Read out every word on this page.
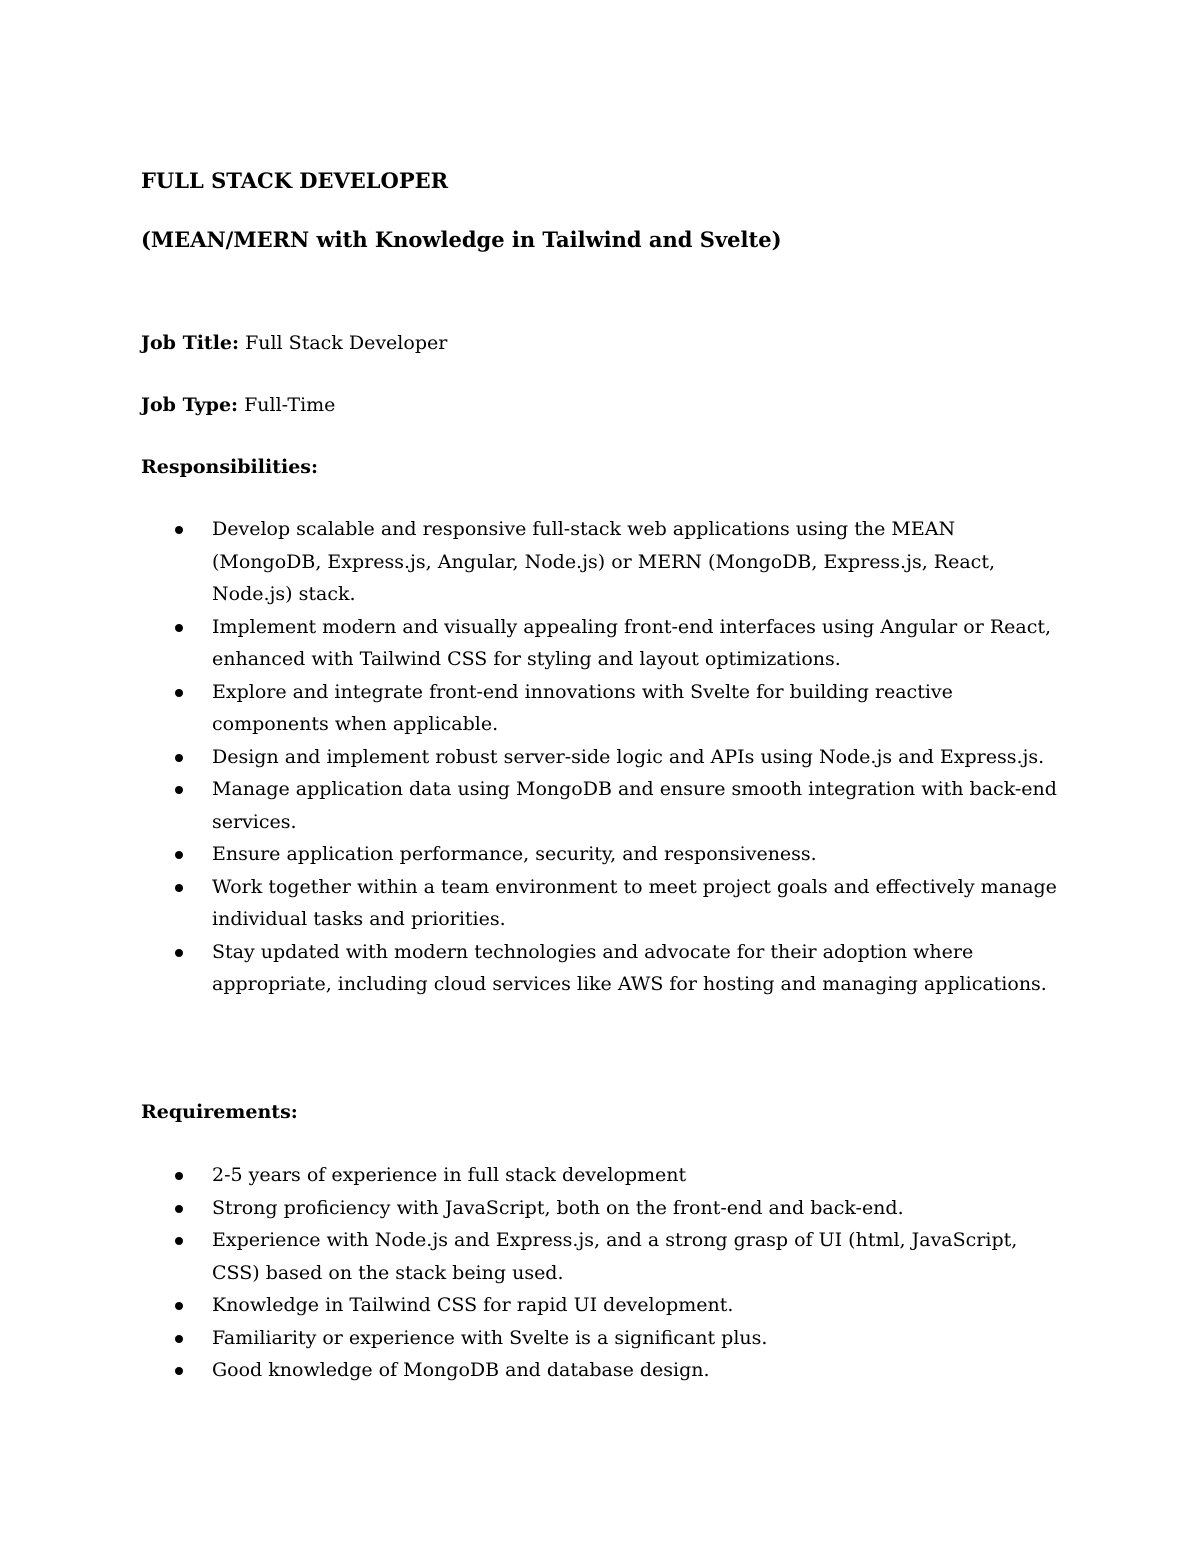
FULL STACK DEVELOPER

(MEAN/MERN with Knowledge in Tailwind and Svelte)

Job Title: Full Stack Developer

Job Type: Full-Time

Responsibilities:

Develop scalable and responsive full-stack web applications using the MEAN (MongoDB, Express.js, Angular, Node.js) or MERN (MongoDB, Express.js, React, Node.js) stack.
Implement modern and visually appealing front-end interfaces using Angular or React, enhanced with Tailwind CSS for styling and layout optimizations.
Explore and integrate front-end innovations with Svelte for building reactive components when applicable.
Design and implement robust server-side logic and APIs using Node.js and Express.js.
Manage application data using MongoDB and ensure smooth integration with back-end services.
Ensure application performance, security, and responsiveness.
Work together within a team environment to meet project goals and effectively manage individual tasks and priorities.
Stay updated with modern technologies and advocate for their adoption where appropriate, including cloud services like AWS for hosting and managing applications.

Requirements:

2-5 years of experience in full stack development
Strong proficiency with JavaScript, both on the front-end and back-end.
Experience with Node.js and Express.js, and a strong grasp of UI (html, JavaScript, CSS) based on the stack being used.
Knowledge in Tailwind CSS for rapid UI development.
Familiarity or experience with Svelte is a significant plus.
Good knowledge of MongoDB and database design.
